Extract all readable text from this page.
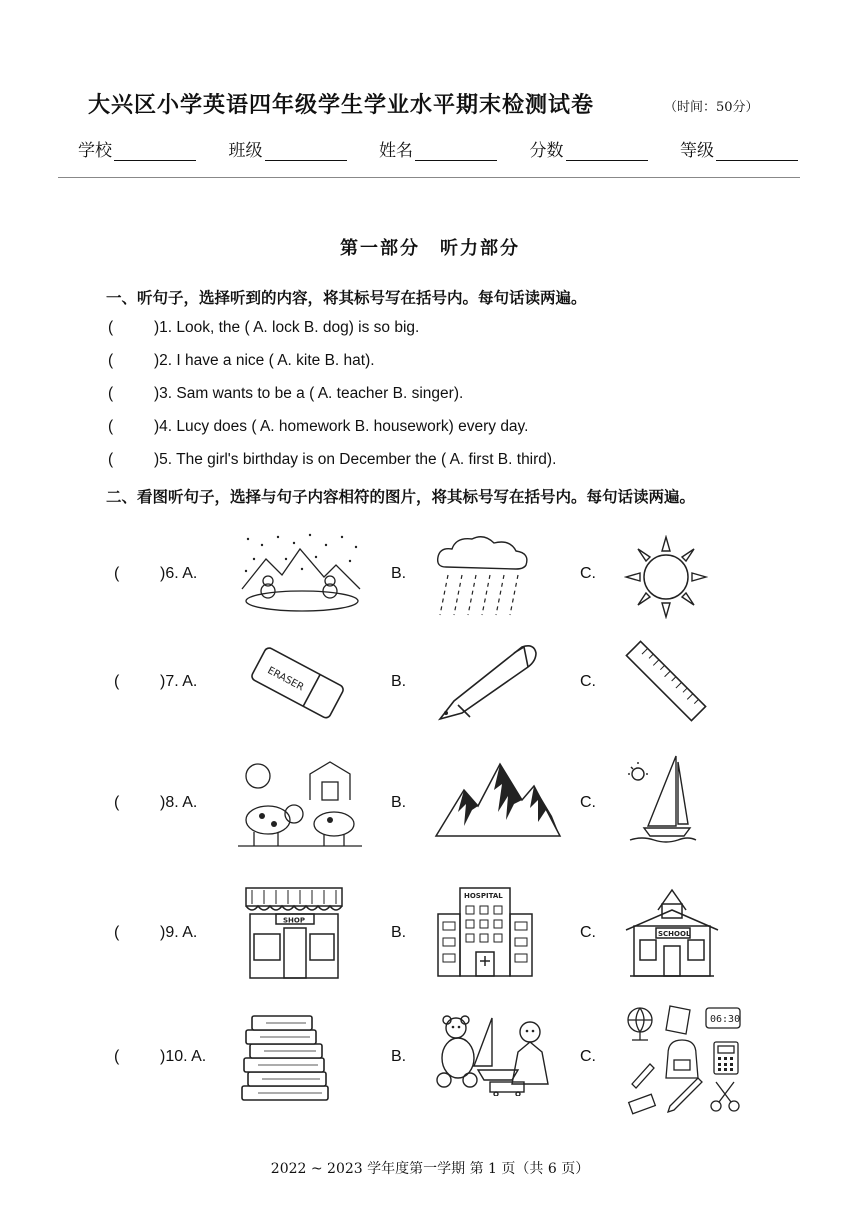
大兴区小学英语四年级学生学业水平期末检测试卷	（时间：50分）
学校	班级	姓名	分数	等级
第一部分　听力部分
一、听句子，选择听到的内容，将其标号写在括号内。每句话读两遍。
(	)1. Look, the ( A. lock B. dog) is so big.
(	)2. I have a nice ( A. kite B. hat).
(	)3. Sam wants to be a ( A. teacher B. singer).
(	)4. Lucy does ( A. homework B. housework) every day.
(	)5. The girl's birthday is on December the ( A. first B. third).
二、看图听句子，选择与句子内容相符的图片，将其标号写在括号内。每句话读两遍。
(	)6. A.	B.	C.
(	)7. A.	ERASER	B.	C.
(	)8. A.	B.	C.
(	)9. A.
SHOP
B.
HOSPITAL
C.	SCHOOL
(	)10. A.	B.	C.
06:30
2022 ~ 2023 学年度第一学期 第 1 页（共 6 页）
